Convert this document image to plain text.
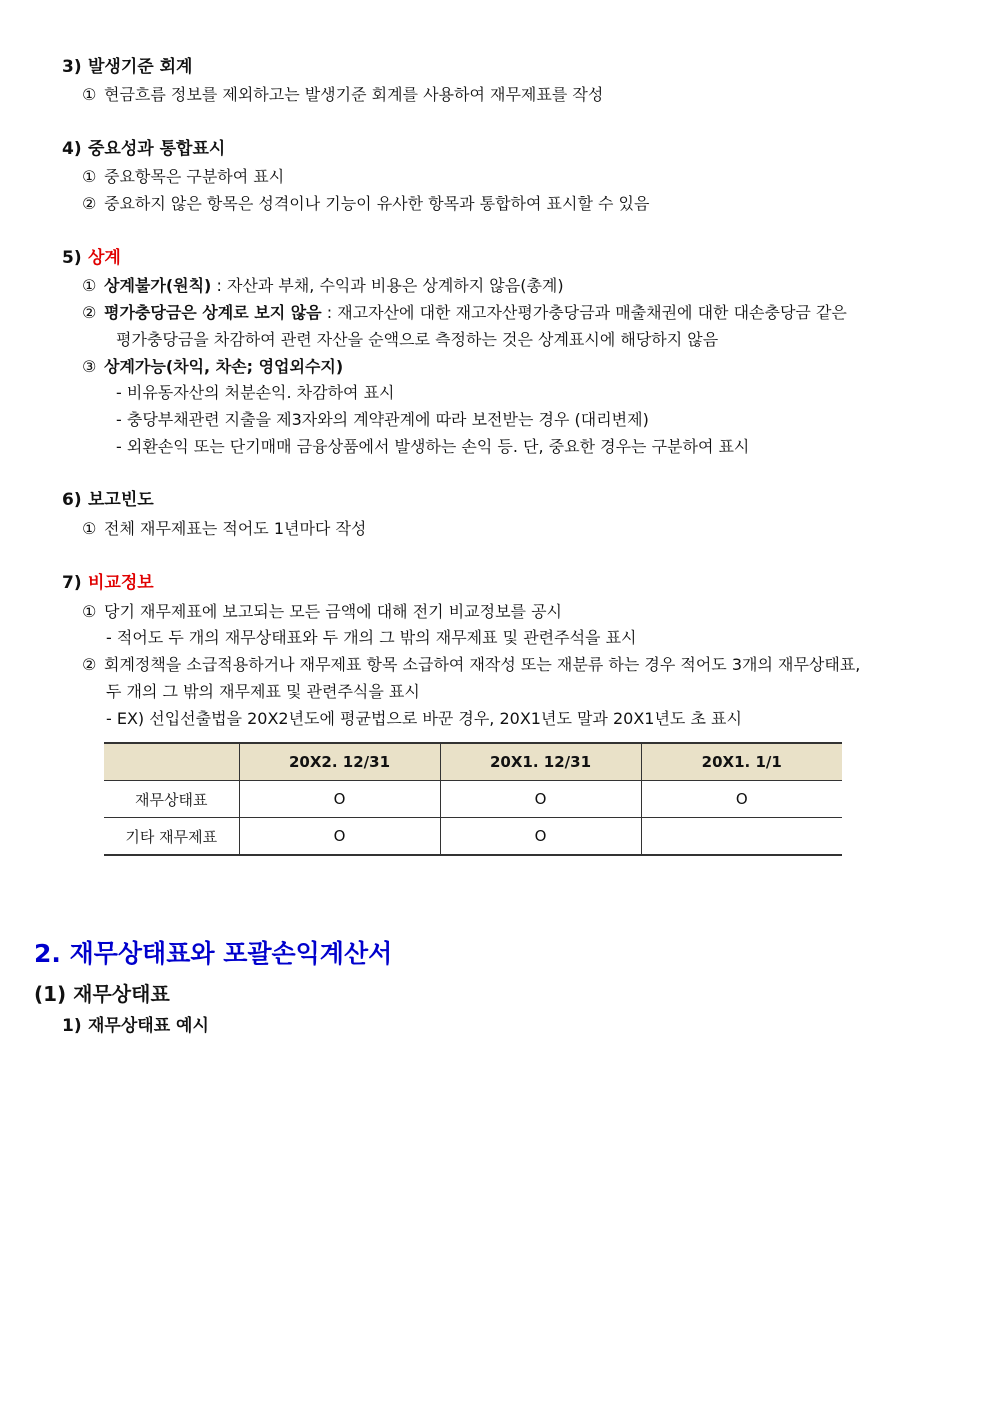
3) 발생기준 회계
① 현금흐름 정보를 제외하고는 발생기준 회계를 사용하여 재무제표를 작성
4) 중요성과 통합표시
① 중요항목은 구분하여 표시
② 중요하지 않은 항목은 성격이나 기능이 유사한 항목과 통합하여 표시할 수 있음
5) 상계
① 상계불가(원칙) : 자산과 부채, 수익과 비용은 상계하지 않음(총계)
② 평가충당금은 상계로 보지 않음 : 재고자산에 대한 재고자산평가충당금과 매출채권에 대한 대손충당금 같은
평가충당금을 차감하여 관련 자산을 순액으로 측정하는 것은 상계표시에 해당하지 않음
③ 상계가능(차익, 차손; 영업외수지)
- 비유동자산의 처분손익. 차감하여 표시
- 충당부채관련 지출을 제3자와의 계약관계에 따라 보전받는 경우 (대리변제)
- 외환손익 또는 단기매매 금융상품에서 발생하는 손익 등. 단, 중요한 경우는 구분하여 표시
6) 보고빈도
① 전체 재무제표는 적어도 1년마다 작성
7) 비교정보
① 당기 재무제표에 보고되는 모든 금액에 대해 전기 비교정보를 공시
- 적어도 두 개의 재무상태표와 두 개의 그 밖의 재무제표 및 관련주석을 표시
② 회계정책을 소급적용하거나 재무제표 항목 소급하여 재작성 또는 재분류 하는 경우 적어도 3개의 재무상태표,
두 개의 그 밖의 재무제표 및 관련주식을 표시
- EX) 선입선출법을 20X2년도에 평균법으로 바꾼 경우, 20X1년도 말과 20X1년도 초 표시
	20X2. 12/31	20X1. 12/31	20X1. 1/1
재무상태표	O	O	O
기타 재무제표	O	O	
2. 재무상태표와 포괄손익계산서
(1) 재무상태표
1) 재무상태표 예시
